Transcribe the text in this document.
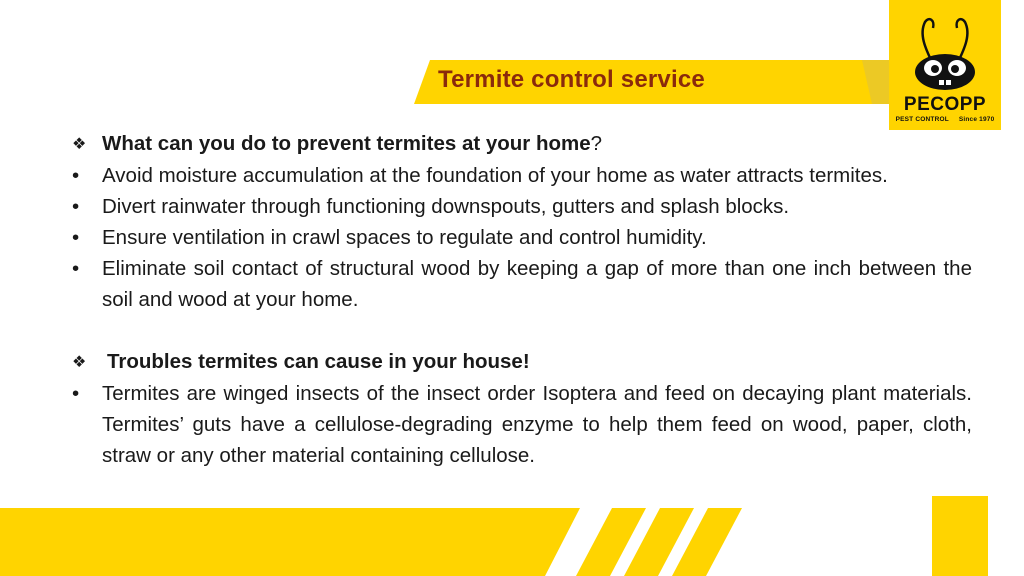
Termite control service
PECOPP
PEST CONTROL Since 1970
❖ What can you do to prevent termites at your home?
•	Avoid moisture accumulation at the foundation of your home as water attracts termites.
•	Divert rainwater through functioning downspouts, gutters and splash blocks.
•	Ensure ventilation in crawl spaces to regulate and control humidity.
•	Eliminate soil contact of structural wood by keeping a gap of more than one inch between the soil and wood at your home.
❖	Troubles termites can cause in your house!
•	Termites are winged insects of the insect order Isoptera and feed on decaying plant materials. Termites’ guts have a cellulose-degrading enzyme to help them feed on wood, paper, cloth, straw or any other material containing cellulose.
